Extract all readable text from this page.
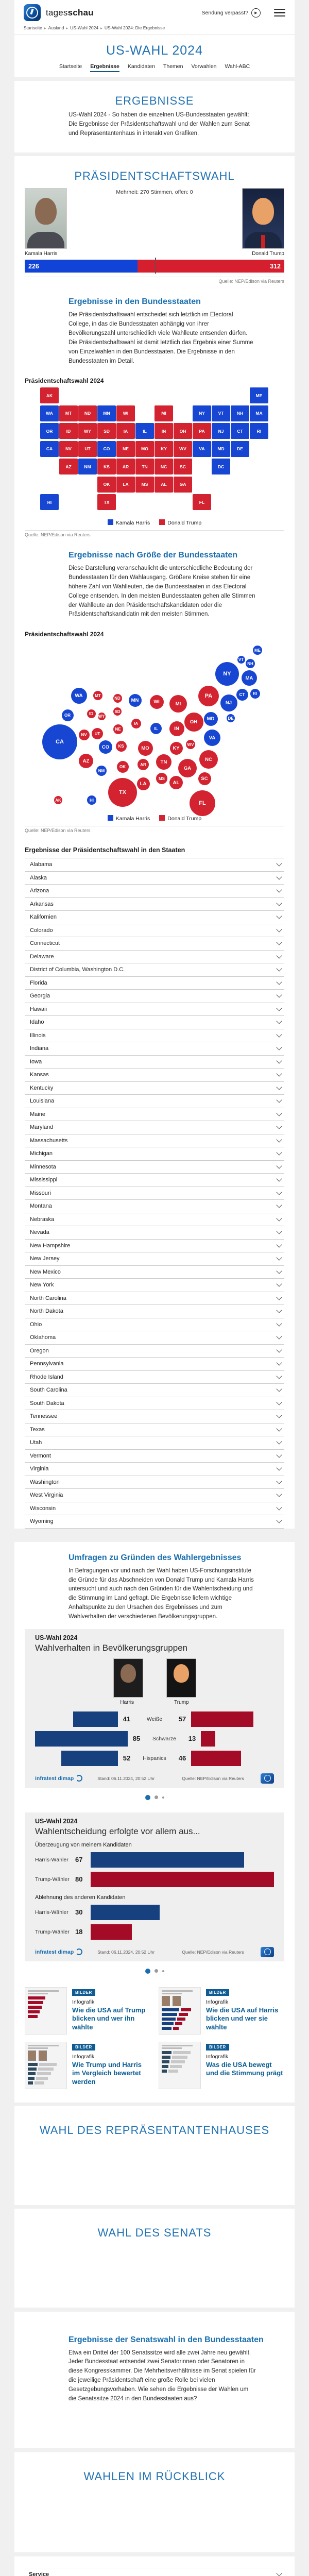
tagesschau	Sendung verpasst?	▶
Startseite ▸ Ausland ▸ US-Wahl 2024 ▸ US-Wahl 2024: Die Ergebnisse
US-WAHL 2024
Startseite Ergebnisse Kandidaten Themen Vorwahlen Wahl-ABC
ERGEBNISSE

US-Wahl 2024 - So haben die einzelnen US-Bundesstaaten gewählt: Die Ergebnisse der Präsidentschaftswahl und der Wahlen zum Senat und Repräsentantenhaus in interaktiven Grafiken.

PRÄSIDENTSCHAFTSWAHL
Mehrheit: 270 Stimmen, offen: 0
Kamala Harris	Donald Trump
226	312
Quelle: NEP/Edison via Reuters
Ergebnisse in den Bundesstaaten

Die Präsidentschaftswahl entscheidet sich letztlich im Electoral College, in das die Bundesstaaten abhängig von ihrer Bevölkerungszahl unterschiedlich viele Wahlleute entsenden dürfen. Die Präsidentschaftswahl ist damit letztlich das Ergebnis einer Summe von Einzelwahlen in den Bundesstaaten. Die Ergebnisse in den Bundesstaaten im Detail.

Präsidentschaftswahl 2024
AK	ME
WA	MT	ND	MN	WI	MI	NY	VT	NH	MA
OR	ID	WY	SD	IA	IL	IN	OH	PA	NJ	CT	RI
CA	NV	UT	CO	NE	MO	KY	WV	VA	MD	DE
AZ	NM	KS	AR	TN	NC	SC	DC
OK	LA	MS	AL	GA
HI	TX	FL
Kamala Harris	Donald Trump
Quelle: NEP/Edison via Reuters
Ergebnisse nach Größe der Bundesstaaten

Diese Darstellung veranschaulicht die unterschiedliche Bedeutung der Bundesstaaten für den Wahlausgang. Größere Kreise stehen für eine höhere Zahl von Wahlleuten, die die Bundesstaaten in das Electoral College entsenden. In den meisten Bundesstaaten gehen alle Stimmen der Wahlleute an den Präsidentschaftskandidaten oder die Präsidentschaftskandidatin mit den meisten Stimmen.

Präsidentschaftswahl 2024
ME
VT
NH
NY
MA
WA	MT
ND	MN	WI	MI
PA	CT	RI
NJ
OR	ID
WY
SD
IA	OH
MD	DE
IL	IN
VA
CA
NV	UT
NE
CO	KS	MO	KY
WV
NC
AZ	TN
GA
NM
OK	AR
SC
MS
AL
LA
TX
FL
AK	HI
Kamala Harris	Donald Trump
Quelle: NEP/Edison via Reuters
Ergebnisse der Präsidentschaftswahl in den Staaten
Alabama
Alaska
Arizona
Arkansas
Kalifornien
Colorado
Connecticut
Delaware
District of Columbia, Washington D.C.
Florida
Georgia
Hawaii
Idaho
Illinois
Indiana
Iowa
Kansas
Kentucky
Louisiana
Maine
Maryland
Massachusetts
Michigan
Minnesota
Mississippi
Missouri
Montana
Nebraska
Nevada
New Hampshire
New Jersey
New Mexico
New York
North Carolina
North Dakota
Ohio
Oklahoma
Oregon
Pennsylvania
Rhode Island
South Carolina
South Dakota
Tennessee
Texas
Utah
Vermont
Virginia
Washington
West Virginia
Wisconsin
Wyoming
Umfragen zu Gründen des Wahlergebnisses

In Befragungen vor und nach der Wahl haben US-Forschungsinstitute die Gründe für das Abschneiden von Donald Trump und Kamala Harris untersucht und auch nach den Gründen für die Wahlentscheidung und die Stimmung im Land gefragt. Die Ergebnisse liefern wichtige Anhaltspunkte zu den Ursachen des Ergebnisses und zum Wahlverhalten der verschiedenen Bevölkerungsgruppen.

US-Wahl 2024
Wahlverhalten in Bevölkerungsgruppen
Harris	Trump
41	Weiße	57
85	Schwarze	13
52	Hispanics	46
infratest dimap	Stand: 06.11.2024, 20:52 Uhr	Quelle: NEP/Edison via Reuters
US-Wahl 2024
Wahlentscheidung erfolgte vor allem aus...
Überzeugung von meinem Kandidaten
Harris-Wähler	67
Trump-Wähler 80
Ablehnung des anderen Kandidaten
Harris-Wähler	30
Trump-Wähler 18
infratest dimap	Stand: 06.11.2024, 20:52 Uhr	Quelle: NEP/Edison via Reuters
BILDER
Infografik
Wie die USA auf Trump blicken und wer ihn wählte
BILDER
Infografik
Wie die USA auf Harris blicken und wer sie wählte
BILDER
Infografik
Wie Trump und Harris im Vergleich bewertet werden
BILDER
Infografik
Was die USA bewegt und die Stimmung prägt
WAHL DES REPRÄSENTANTENHAUSES
WAHL DES SENATS
Ergebnisse der Senatswahl in den Bundesstaaten

Etwa ein Drittel der 100 Senatssitze wird alle zwei Jahre neu gewählt. Jeder Bundesstaat entsendet zwei Senatorinnen oder Senatoren in diese Kongresskammer. Die Mehrheitsverhältnisse im Senat spielen für die jeweilige Präsidentschaft eine große Rolle bei vielen Gesetzgebungsvorhaben. Wie sehen die Ergebnisse der Wahlen um die Senatssitze 2024 in den Bundesstaaten aus?

WAHLEN IM RÜCKBLICK
Service
